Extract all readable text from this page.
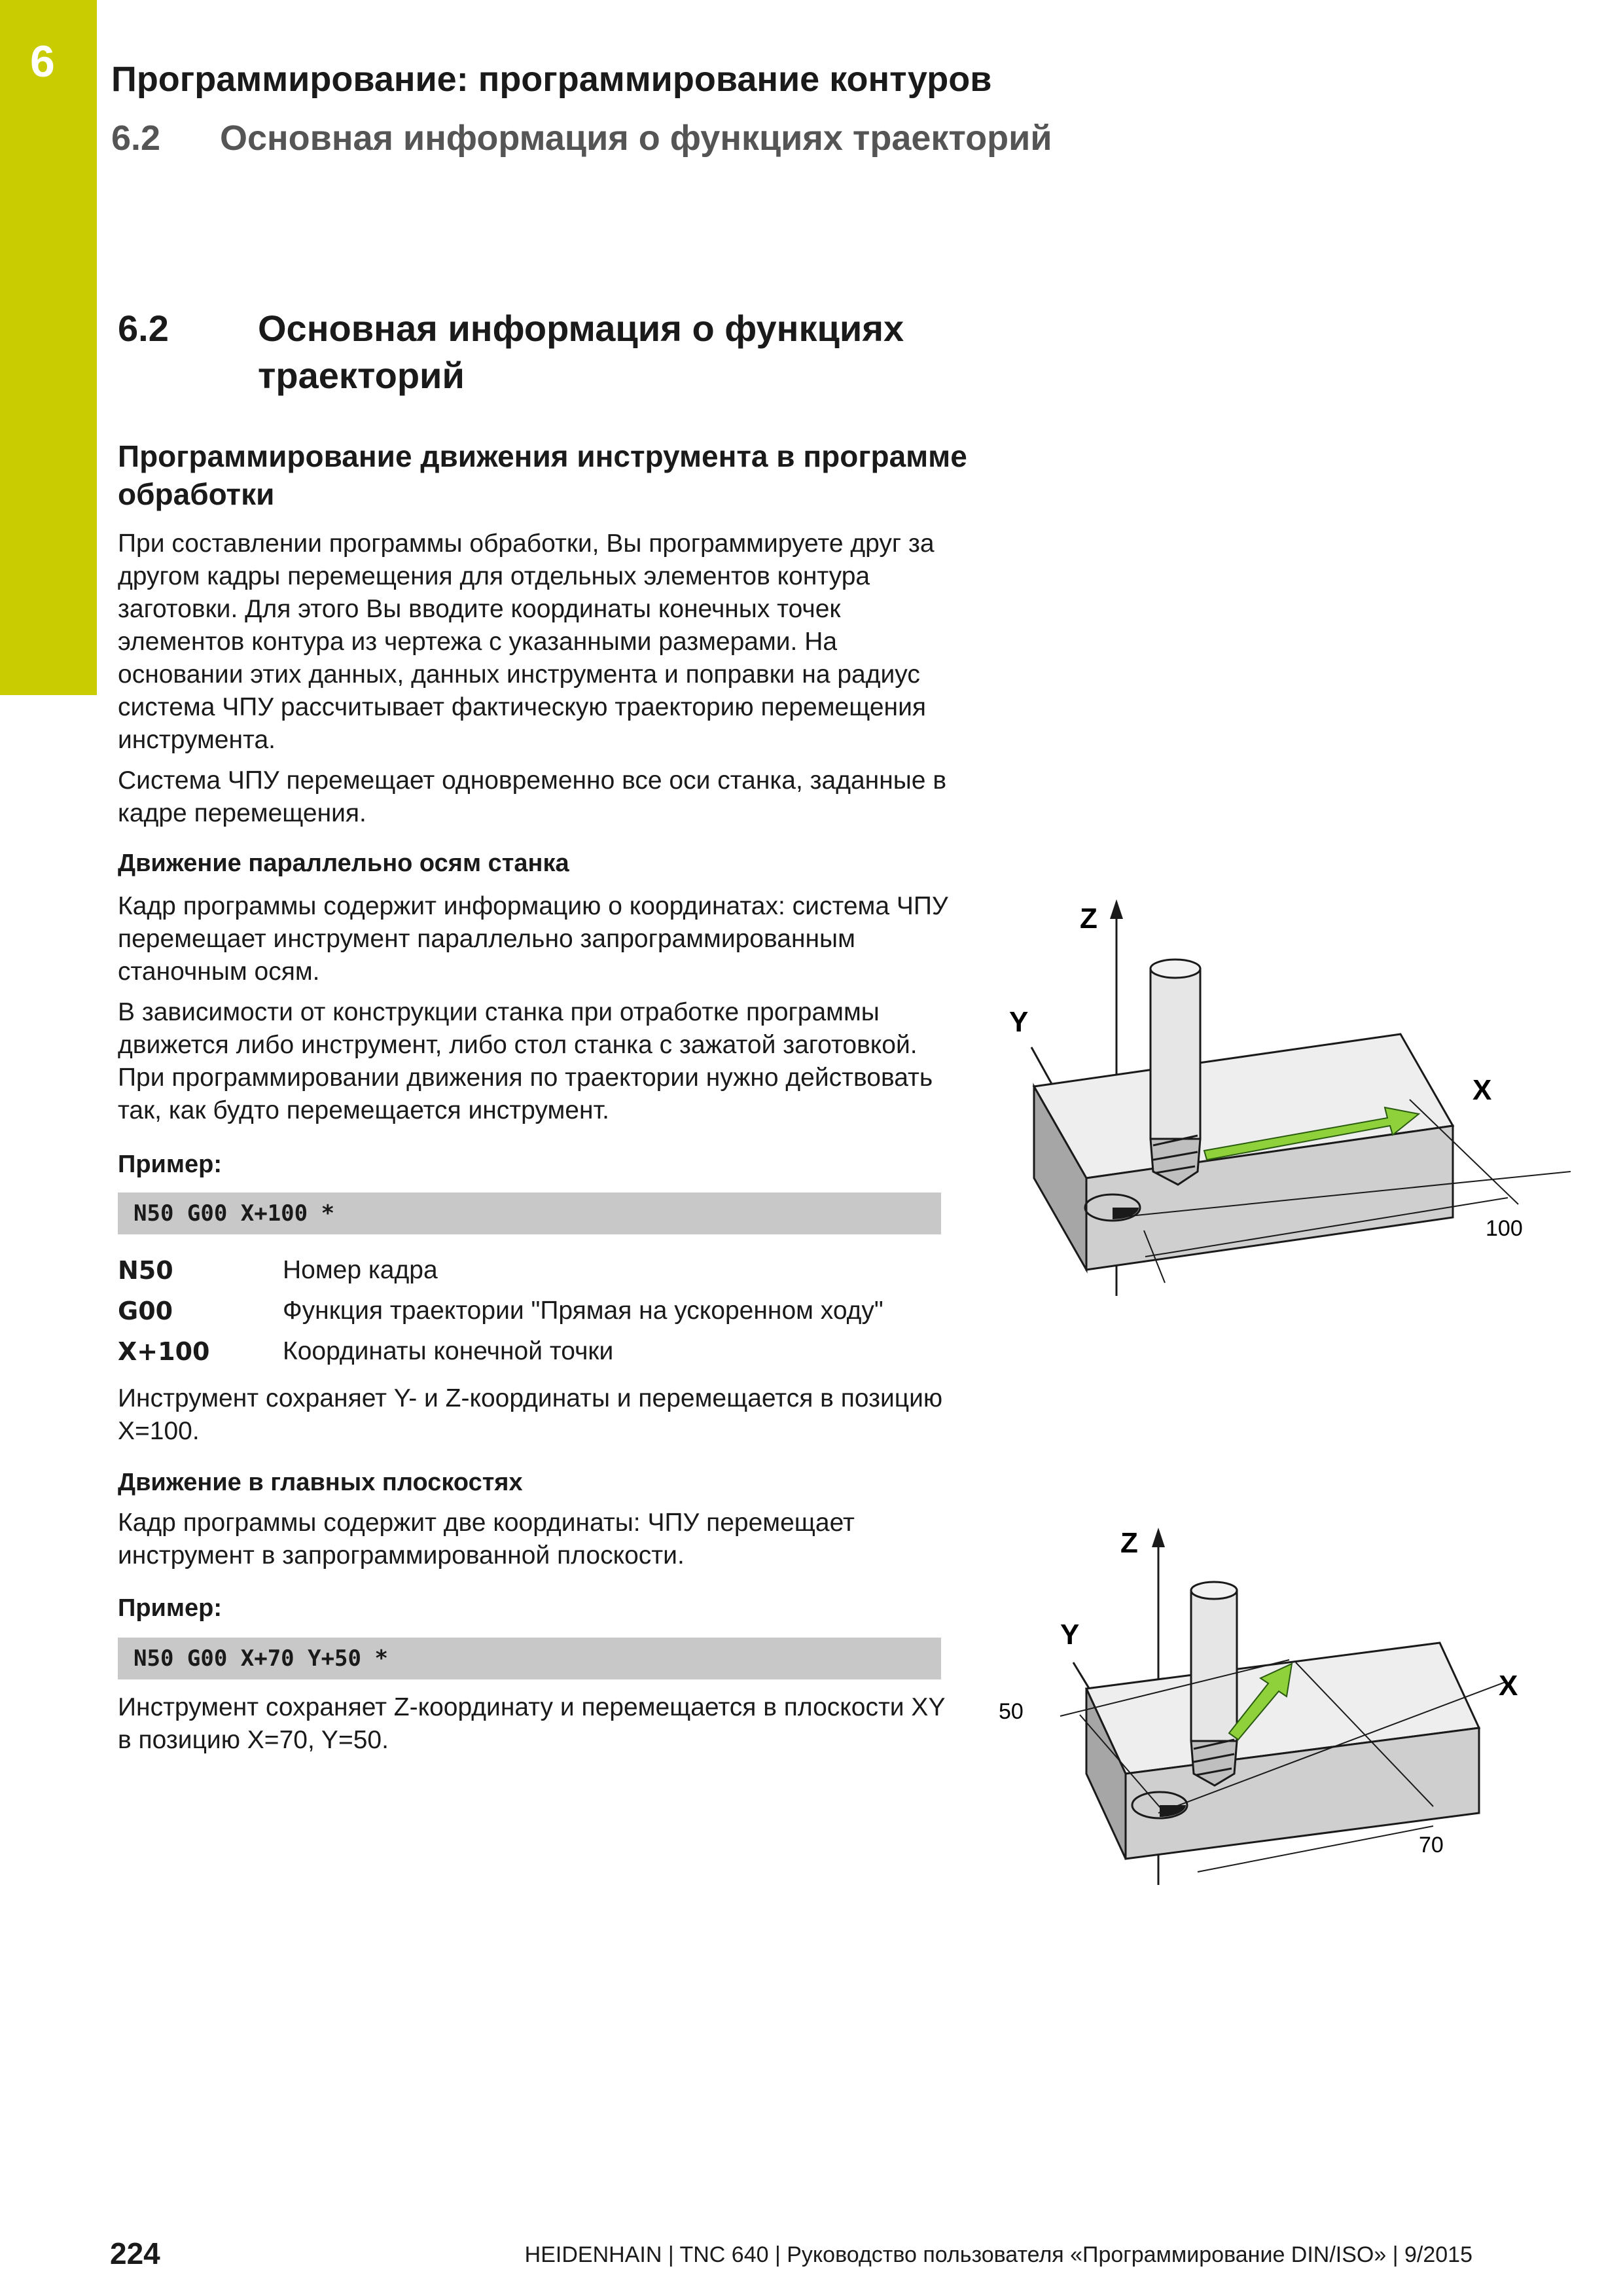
6 Программирование: программирование контуров
6.2 Основная информация о функциях траекторий
6.2 Основная информация о функциях траекторий
Программирование движения инструмента в программе обработки

При составлении программы обработки, Вы программируете друг за другом кадры перемещения для отдельных элементов контура заготовки. Для этого Вы вводите координаты конечных точек элементов контура из чертежа с указанными размерами. На основании этих данных, данных инструмента и поправки на радиус система ЧПУ рассчитывает фактическую траекторию перемещения инструмента.

Система ЧПУ перемещает одновременно все оси станка, заданные в кадре перемещения.

Движение параллельно осям станка

Кадр программы содержит информацию о координатах: система ЧПУ перемещает инструмент параллельно запрограммированным станочным осям.

В зависимости от конструкции станка при отработке программы движется либо инструмент, либо стол станка с зажатой заготовкой. При программировании движения по траектории нужно действовать так, как будто перемещается инструмент.

Пример:
N50 G00 X+100 *
N50	Номер кадра
G00	Функция траектории "Прямая на ускоренном ходу"
X+100	Координаты конечной точки

Инструмент сохраняет Y- и Z-координаты и перемещается в позицию X=100.

Движение в главных плоскостях

Кадр программы содержит две координаты: ЧПУ перемещает инструмент в запрограммированной плоскости.

Пример:
N50 G00 X+70 Y+50 *

Инструмент сохраняет Z-координату и перемещается в плоскости XY в позицию X=70, Y=50.

Z
Y
X
100
Z
Y
X
50
70
224	HEIDENHAIN | TNC 640 | Руководство пользователя «Программирование DIN/ISO» | 9/2015
